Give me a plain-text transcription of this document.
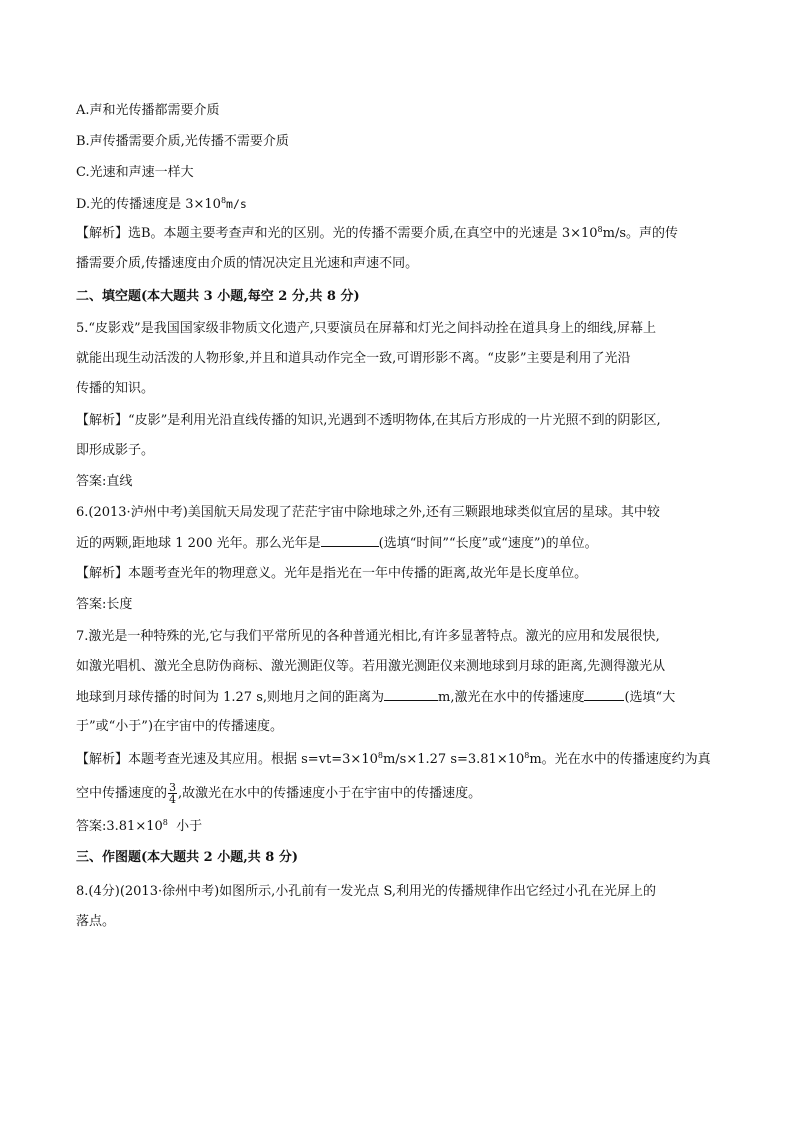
A.声和光传播都需要介质

B.声传播需要介质,光传播不需要介质

C.光速和声速一样大

D.光的传播速度是 $3\times 10^8m/s$

【解析】选B。本题主要考查声和光的区别。光的传播不需要介质,在真空中的光速是 $3\times 10^8m/s$。声的传

播需要介质,传播速度由介质的情况决定且光速和声速不同。

二、填空题(本大题共 3 小题,每空 2 分,共 8 分)

5.“皮影戏”是我国国家级非物质文化遗产,只要演员在屏幕和灯光之间抖动拴在道具身上的细线,屏幕上

就能出现生动活泼的人物形象,并且和道具动作完全一致,可谓形影不离。“皮影”主要是利用了光沿

传播的知识。

【解析】“皮影”是利用光沿直线传播的知识,光遇到不透明物体,在其后方形成的一片光照不到的阴影区,

即形成影子。

答案:直线

6.(2013·泸州中考)美国航天局发现了茫茫宇宙中除地球之外,还有三颗跟地球类似宜居的星球。其中较

近的两颗,距地球 1 200 光年。那么光年是	(选填“时间”“长度”或“速度”)的单位。

【解析】本题考查光年的物理意义。光年是指光在一年中传播的距离,故光年是长度单位。

答案:长度

7.激光是一种特殊的光,它与我们平常所见的各种普通光相比,有许多显著特点。激光的应用和发展很快,

如激光唱机、激光全息防伪商标、激光测距仪等。若用激光测距仪来测地球到月球的距离,先测得激光从

地球到月球传播的时间为 1.27 s,则地月之间的距离为	m,激光在水中的传播速度	(选填“大

于”或“小于”)在宇宙中的传播速度。

【解析】本题考查光速及其应用。根据 $s=vt=3\times 10^8m/s\times 1.27$ $s=3.81\times 10^8m$。光在水中的传播速度约为真

空中传播速度的 $\frac{3}{4}$ ,故激光在水中的传播速度小于在宇宙中的传播速度。

答案$:3.81\times 10^8$  小于

三、作图题(本大题共 2 小题,共 8 分)

8.(4分)(2013·徐州中考)如图所示,小孔前有一发光点 S,利用光的传播规律作出它经过小孔在光屏上的

落点。
